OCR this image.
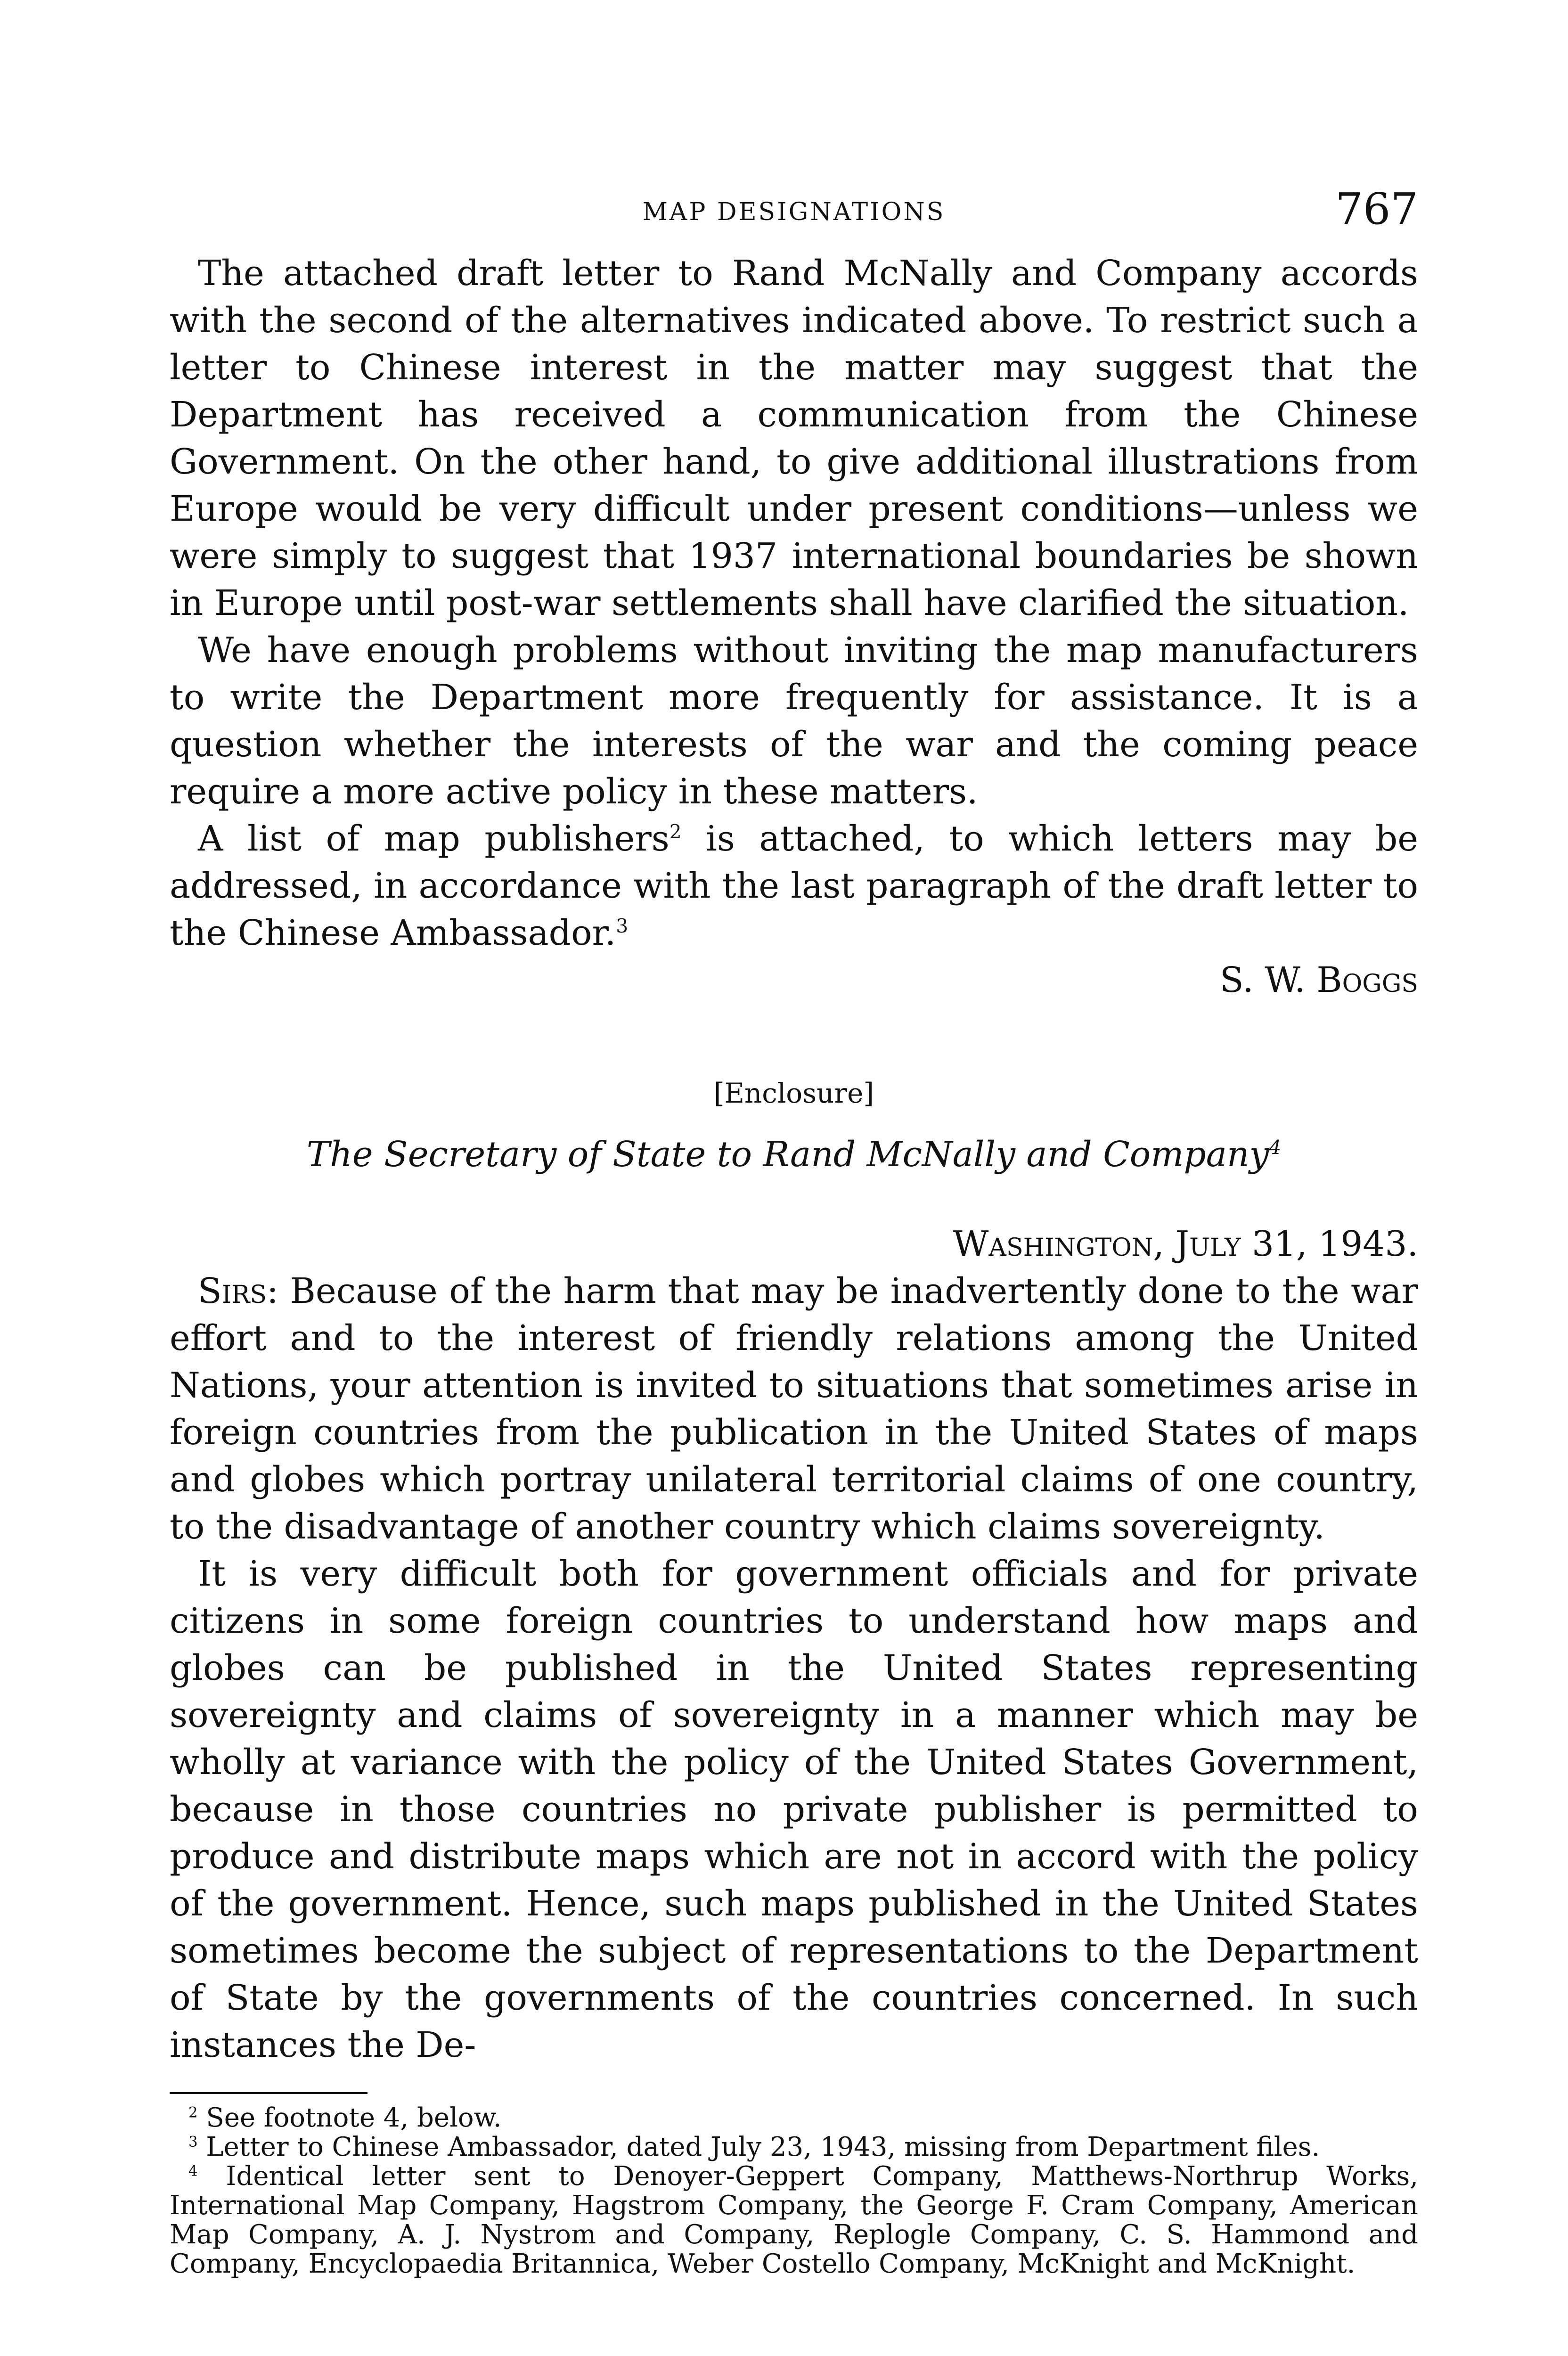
MAP DESIGNATIONS	767

The attached draft letter to Rand McNally and Company accords with the second of the alternatives indicated above. To restrict such a letter to Chinese interest in the matter may suggest that the Department has received a communication from the Chinese Government. On the other hand, to give additional illustrations from Europe would be very difficult under present conditions—unless we were simply to suggest that 1937 international boundaries be shown in Europe until post-war settlements shall have clarified the situation.

We have enough problems without inviting the map manufacturers to write the Department more frequently for assistance. It is a question whether the interests of the war and the coming peace require a more active policy in these matters.

A list of map publishers$^2$ is attached, to which letters may be addressed, in accordance with the last paragraph of the draft letter to the Chinese Ambassador.$^3$

S. W. Boggs

[Enclosure]
The Secretary of State to Rand McNally and Company$^4$
Washington, July 31, 1943.

Sirs: Because of the harm that may be inadvertently done to the war effort and to the interest of friendly relations among the United Nations, your attention is invited to situations that sometimes arise in foreign countries from the publication in the United States of maps and globes which portray unilateral territorial claims of one country, to the disadvantage of another country which claims sovereignty.

It is very difficult both for government officials and for private citizens in some foreign countries to understand how maps and globes can be published in the United States representing sovereignty and claims of sovereignty in a manner which may be wholly at variance with the policy of the United States Government, because in those countries no private publisher is permitted to produce and distribute maps which are not in accord with the policy of the government. Hence, such maps published in the United States sometimes become the subject of representations to the Department of State by the governments of the countries concerned. In such instances the De-

$^2$ See footnote 4, below.

$^3$ Letter to Chinese Ambassador, dated July 23, 1943, missing from Department files.

$^4$ Identical letter sent to Denoyer-Geppert Company, Matthews-Northrup Works, International Map Company, Hagstrom Company, the George F. Cram Company, American Map Company, A. J. Nystrom and Company, Replogle Company, C. S. Hammond and Company, Encyclopaedia Britannica, Weber Costello Company, McKnight and McKnight.
